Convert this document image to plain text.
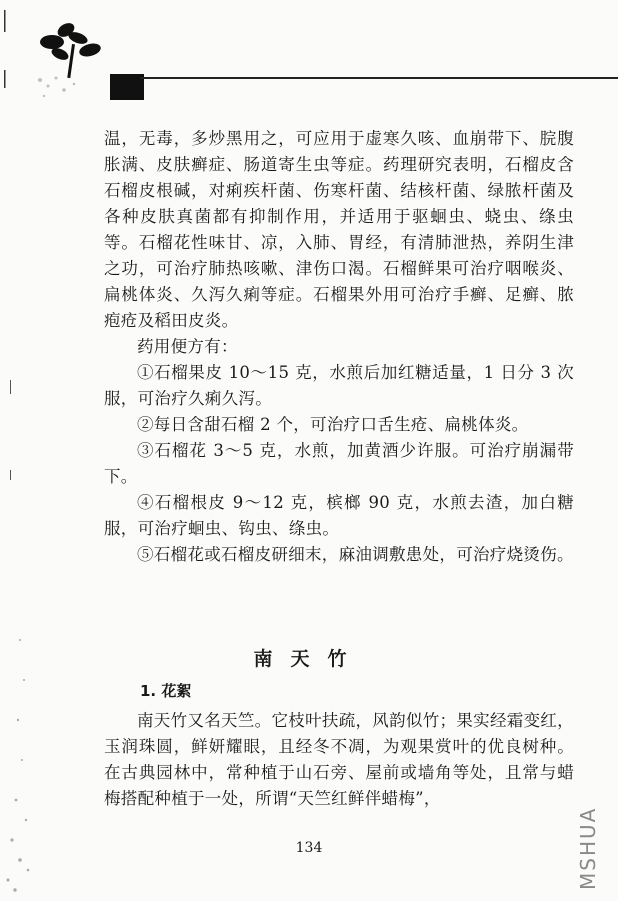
温，无毒，多炒黑用之，可应用于虚寒久咳、血崩带下、脘腹胀满、皮肤癣症、肠道寄生虫等症。药理研究表明，石榴皮含石榴皮根碱，对痢疾杆菌、伤寒杆菌、结核杆菌、绿脓杆菌及各种皮肤真菌都有抑制作用，并适用于驱蛔虫、蛲虫、绦虫等。石榴花性味甘、凉，入肺、胃经，有清肺泄热，养阴生津之功，可治疗肺热咳嗽、津伤口渴。石榴鲜果可治疗咽喉炎、扁桃体炎、久泻久痢等症。石榴果外用可治疗手癣、足癣、脓疱疮及稻田皮炎。

药用便方有：

①石榴果皮 10～15 克，水煎后加红糖适量，1 日分 3 次服，可治疗久痢久泻。

②每日含甜石榴 2 个，可治疗口舌生疮、扁桃体炎。

③石榴花 3～5 克，水煎，加黄酒少许服。可治疗崩漏带下。

④石榴根皮 9～12 克，槟榔 90 克，水煎去渣，加白糖服，可治疗蛔虫、钩虫、绦虫。

⑤石榴花或石榴皮研细末，麻油调敷患处，可治疗烧烫伤。

南天竹
1. 花絮

南天竹又名天竺。它枝叶扶疏，风韵似竹；果实经霜变红，玉润珠圆，鲜妍耀眼，且经冬不凋，为观果赏叶的优良树种。在古典园林中，常种植于山石旁、屋前或墙角等处，且常与蜡梅搭配种植于一处，所谓“天竺红鲜伴蜡梅”，

134	MSHUA
